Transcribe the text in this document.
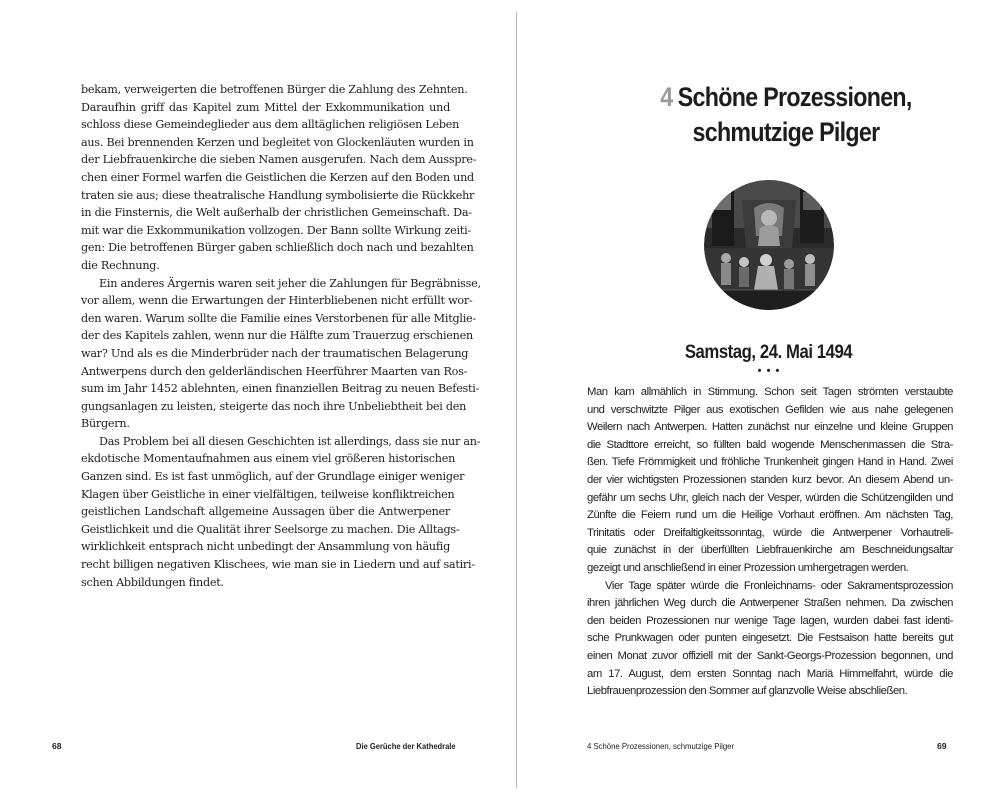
bekam, verweigerten die betroffenen Bürger die Zahlung des Zehnten.
Daraufhin griff das Kapitel zum Mittel der Exkommunikation und
schloss diese Gemeindeglieder aus dem alltäglichen religiösen Leben
aus. Bei brennenden Kerzen und begleitet von Glockenläuten wurden in
der Liebfrauenkirche die sieben Namen ausgerufen. Nach dem Ausspre-
chen einer Formel warfen die Geistlichen die Kerzen auf den Boden und
traten sie aus; diese theatralische Handlung symbolisierte die Rückkehr
in die Finsternis, die Welt außerhalb der christlichen Gemeinschaft. Da-
mit war die Exkommunikation vollzogen. Der Bann sollte Wirkung zeiti-
gen: Die betroffenen Bürger gaben schließlich doch nach und bezahlten
die Rechnung.
Ein anderes Ärgernis waren seit jeher die Zahlungen für Begräbnisse,
vor allem, wenn die Erwartungen der Hinterbliebenen nicht erfüllt wor-
den waren. Warum sollte die Familie eines Verstorbenen für alle Mitglie-
der des Kapitels zahlen, wenn nur die Hälfte zum Trauerzug erschienen
war? Und als es die Minderbrüder nach der traumatischen Belagerung
Antwerpens durch den gelderländischen Heerführer Maarten van Ros-
sum im Jahr 1452 ablehnten, einen finanziellen Beitrag zu neuen Befesti-
gungsanlagen zu leisten, steigerte das noch ihre Unbeliebtheit bei den
Bürgern.
Das Problem bei all diesen Geschichten ist allerdings, dass sie nur an-
ekdotische Momentaufnahmen aus einem viel größeren historischen
Ganzen sind. Es ist fast unmöglich, auf der Grundlage einiger weniger
Klagen über Geistliche in einer vielfältigen, teilweise konfliktreichen
geistlichen Landschaft allgemeine Aussagen über die Antwerpener
Geistlichkeit und die Qualität ihrer Seelsorge zu machen. Die Alltags-
wirklichkeit entsprach nicht unbedingt der Ansammlung von häufig
recht billigen negativen Klischees, wie man sie in Liedern und auf satiri-
schen Abbildungen findet.
4 Schöne Prozessionen,
schmutzige Pilger
Samstag, 24. Mai 1494
• • •
Man kam allmählich in Stimmung. Schon seit Tagen strömten verstaubte
und verschwitzte Pilger aus exotischen Gefilden wie aus nahe gelegenen
Weilern nach Antwerpen. Hatten zunächst nur einzelne und kleine Gruppen
die Stadttore erreicht, so füllten bald wogende Menschenmassen die Stra-
ßen. Tiefe Frömmigkeit und fröhliche Trunkenheit gingen Hand in Hand. Zwei
der vier wichtigsten Prozessionen standen kurz bevor. An diesem Abend un-
gefähr um sechs Uhr, gleich nach der Vesper, würden die Schützengilden und
Zünfte die Feiern rund um die Heilige Vorhaut eröffnen. Am nächsten Tag,
Trinitatis oder Dreifaltigkeitssonntag, würde die Antwerpener Vorhautreli-
quie zunächst in der überfüllten Liebfrauenkirche am Beschneidungsaltar
gezeigt und anschließend in einer Prozession umhergetragen werden.
Vier Tage später würde die Fronleichnams- oder Sakramentsprozession
ihren jährlichen Weg durch die Antwerpener Straßen nehmen. Da zwischen
den beiden Prozessionen nur wenige Tage lagen, wurden dabei fast identi-
sche Prunkwagen oder punten eingesetzt. Die Festsaison hatte bereits gut
einen Monat zuvor offiziell mit der Sankt-Georgs-Prozession begonnen, und
am 17. August, dem ersten Sonntag nach Mariä Himmelfahrt, würde die
Liebfrauenprozession den Sommer auf glanzvolle Weise abschließen.
68	Die Gerüche der Kathedrale	4 Schöne Prozessionen, schmutzige Pilger	69
